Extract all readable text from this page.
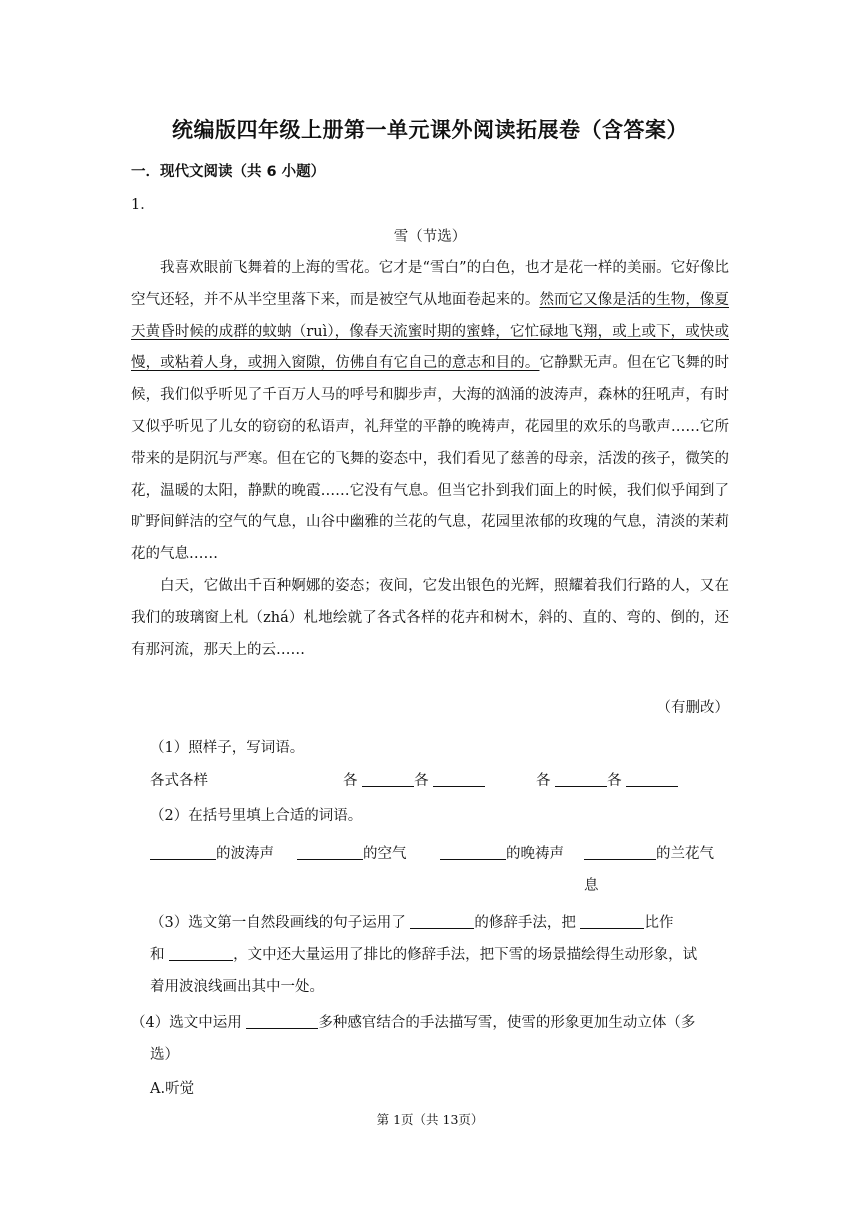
统编版四年级上册第一单元课外阅读拓展卷（含答案）
一．现代文阅读（共 6 小题）
1．
雪（节选）

我喜欢眼前飞舞着的上海的雪花。它才是“雪白”的白色，也才是花一样的美丽。它好像比空气还轻，并不从半空里落下来，而是被空气从地面卷起来的。然而它又像是活的生物，像夏天黄昏时候的成群的蚊蚋（ruì），像春天流蜜时期的蜜蜂，它忙碌地飞翔，或上或下，或快或慢，或粘着人身，或拥入窗隙，仿佛自有它自己的意志和目的。它静默无声。但在它飞舞的时候，我们似乎听见了千百万人马的呼号和脚步声，大海的汹涌的波涛声，森林的狂吼声，有时又似乎听见了儿女的窃窃的私语声，礼拜堂的平静的晚祷声，花园里的欢乐的鸟歌声……它所带来的是阴沉与严寒。但在它的飞舞的姿态中，我们看见了慈善的母亲，活泼的孩子，微笑的花，温暖的太阳，静默的晚霞……它没有气息。但当它扑到我们面上的时候，我们似乎闻到了旷野间鲜洁的空气的气息，山谷中幽雅的兰花的气息，花园里浓郁的玫瑰的气息，清淡的茉莉花的气息……

白天，它做出千百种婀娜的姿态；夜间，它发出银色的光辉，照耀着我们行路的人，又在我们的玻璃窗上札（zhá）札地绘就了各式各样的花卉和树木，斜的、直的、弯的、倒的，还有那河流，那天上的云……

（有删改）
（1）照样子，写词语。
各式各样	各	各	各	各
（2）在括号里填上合适的词语。
的波涛声	的空气	的晚祷声	的兰花气
息
（3）选文第一自然段画线的句子运用了	的修辞手法，把	比作
和	，文中还大量运用了排比的修辞手法，把下雪的场景描绘得生动形象，试
着用波浪线画出其中一处。
（4）选文中运用	多种感官结合的手法描写雪，使雪的形象更加生动立体（多
选）
A.听觉
第 1页（共 13页）
